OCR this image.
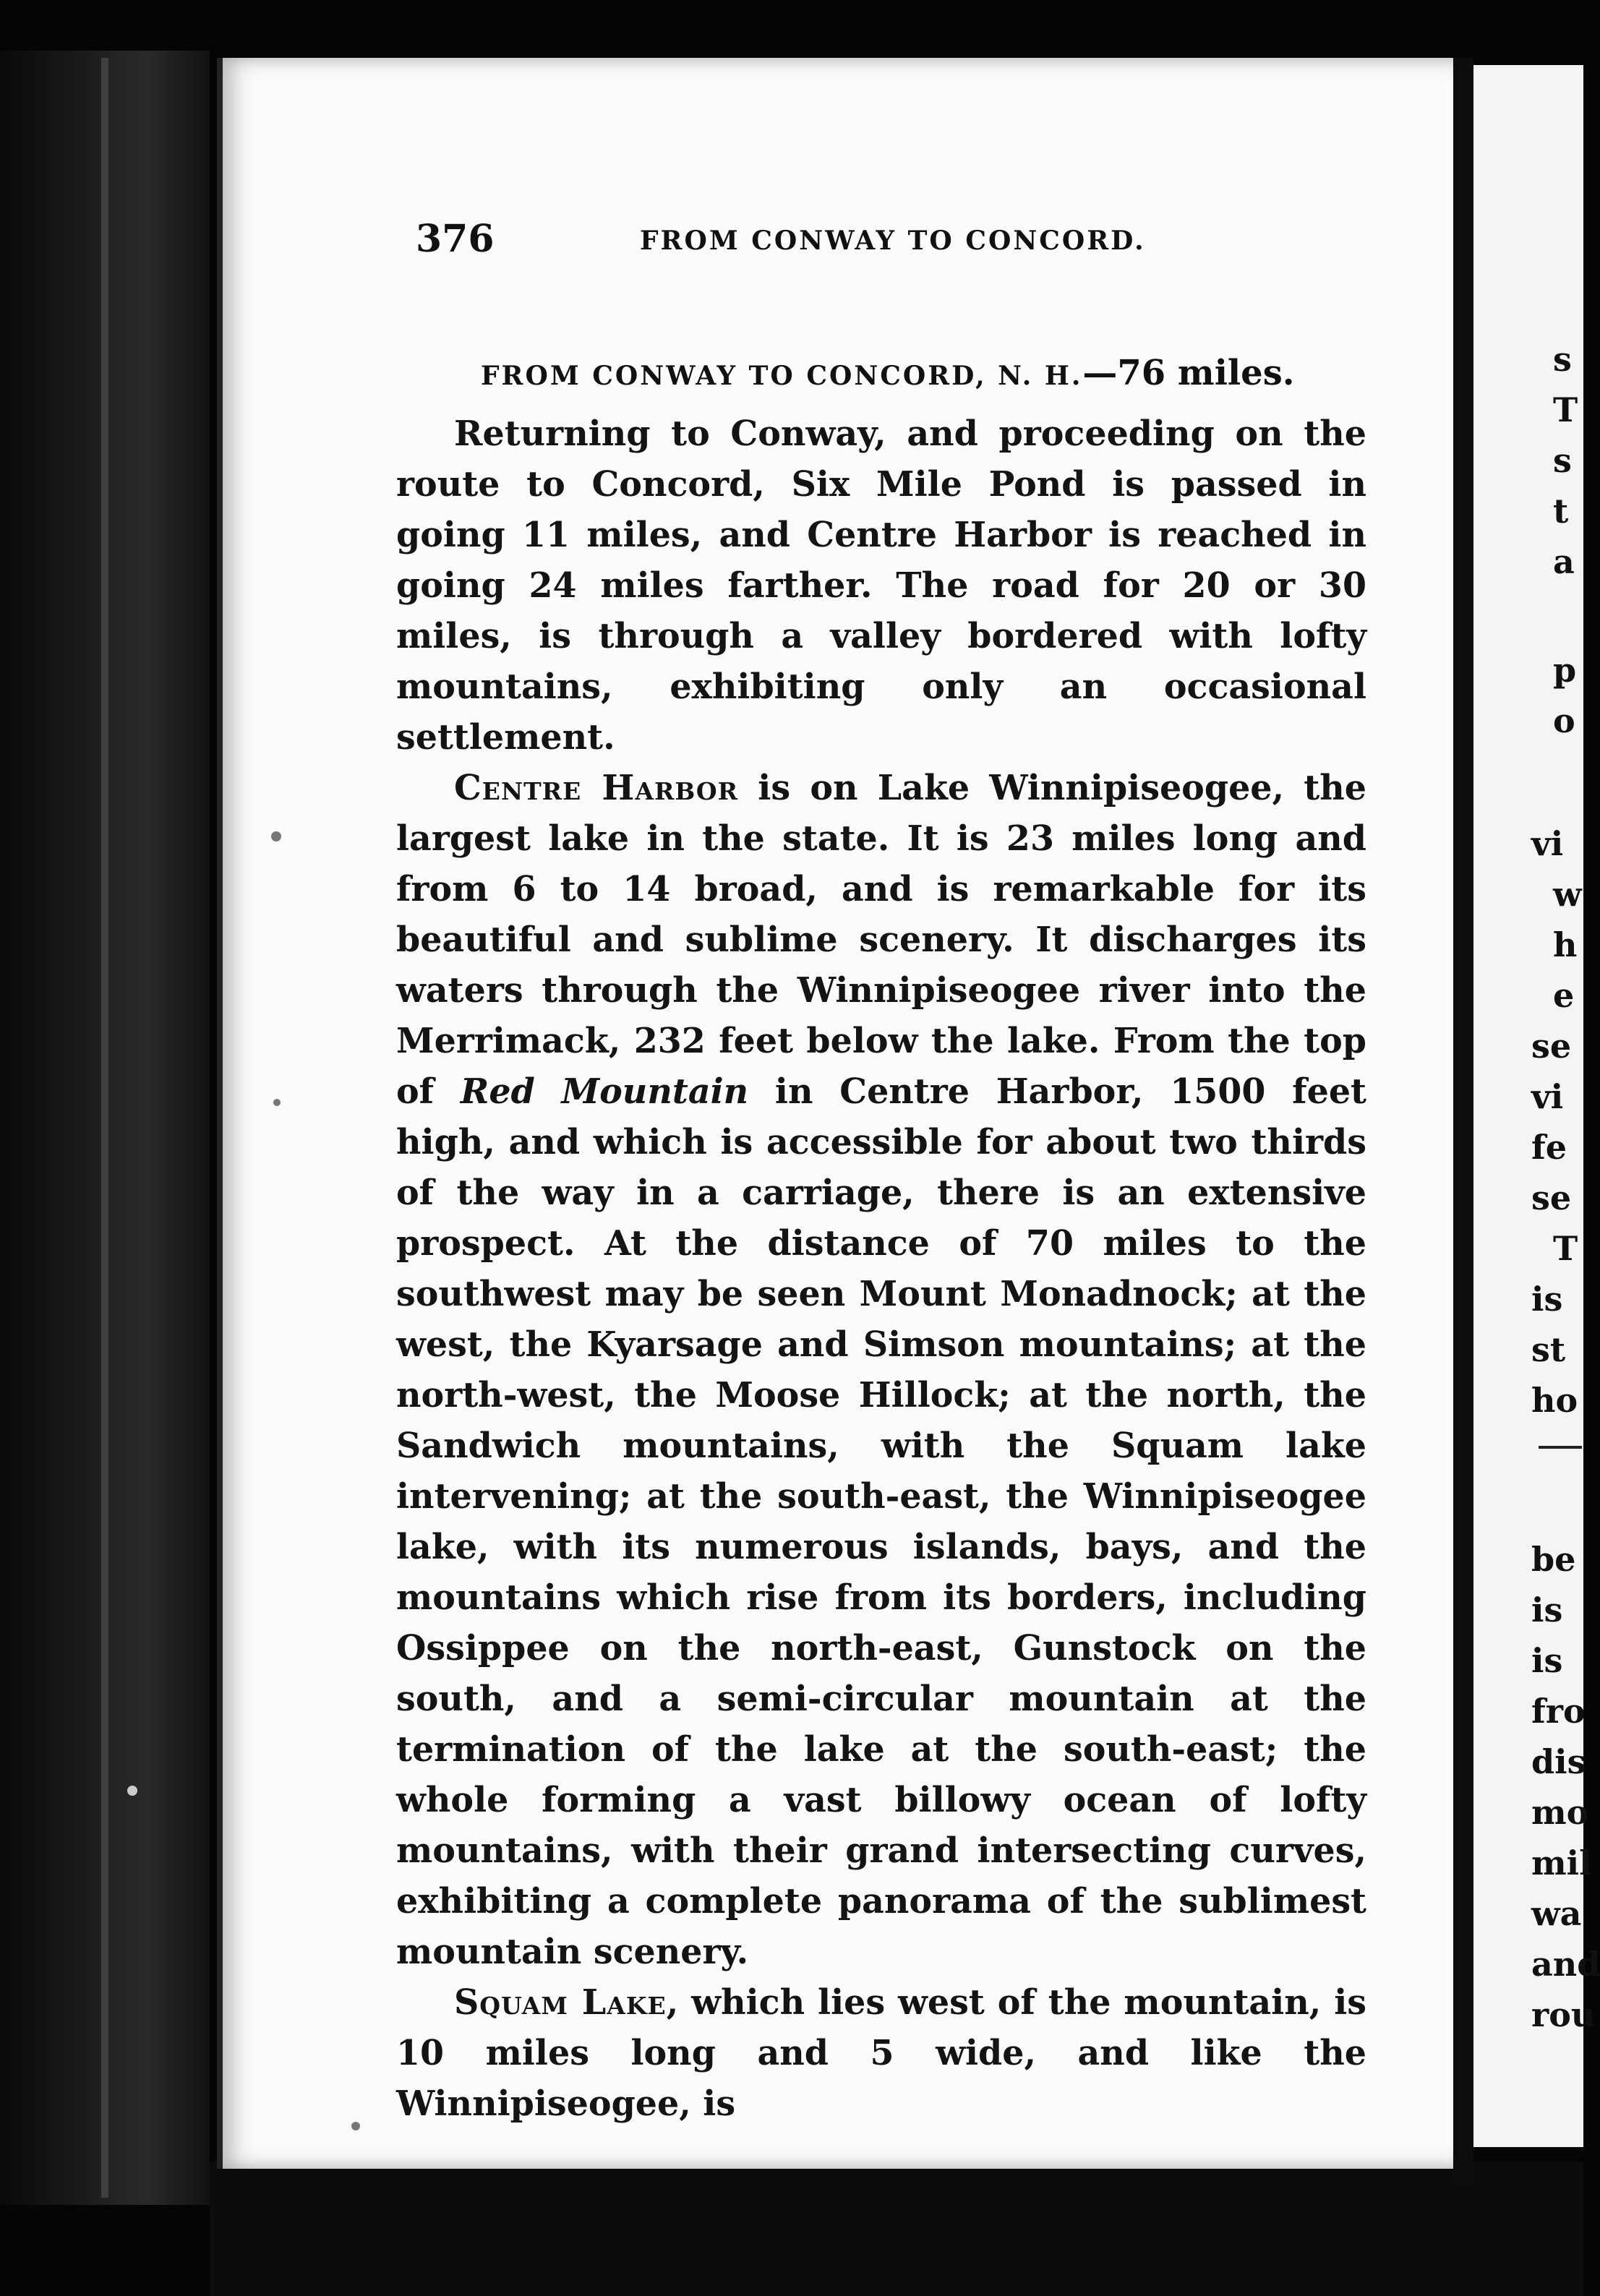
s
T
s
t
a
p
o
vi
w
h
e
se
vi
fe
se
T
is
st
ho
be
is
is
fro
dis
mo
mil
wa
and
rou
376	FROM CONWAY TO CONCORD.
FROM CONWAY TO CONCORD, N. H.—76 miles.

Returning to Conway, and proceeding on the route to Concord, Six Mile Pond is passed in going 11 miles, and Centre Harbor is reached in going 24 miles farther. The road for 20 or 30 miles, is through a valley bordered with lofty mountains, exhibiting only an occasional settlement.

Centre Harbor is on Lake Winnipiseogee, the largest lake in the state. It is 23 miles long and from 6 to 14 broad, and is remarkable for its beautiful and sublime scenery. It discharges its waters through the Winnipiseogee river into the Merrimack, 232 feet below the lake. From the top of Red Mountain in Centre Harbor, 1500 feet high, and which is accessible for about two thirds of the way in a carriage, there is an extensive prospect. At the distance of 70 miles to the southwest may be seen Mount Monadnock; at the west, the Kyarsage and Simson mountains; at the north-west, the Moose Hillock; at the north, the Sandwich mountains, with the Squam lake intervening; at the south-east, the Winnipiseogee lake, with its numerous islands, bays, and the mountains which rise from its borders, including Ossippee on the north-east, Gunstock on the south, and a semi-circular mountain at the termination of the lake at the south-east; the whole forming a vast billowy ocean of lofty mountains, with their grand intersecting curves, exhibiting a complete panorama of the sublimest mountain scenery.

Squam Lake, which lies west of the mountain, is 10 miles long and 5 wide, and like the Winnipiseogee, is
